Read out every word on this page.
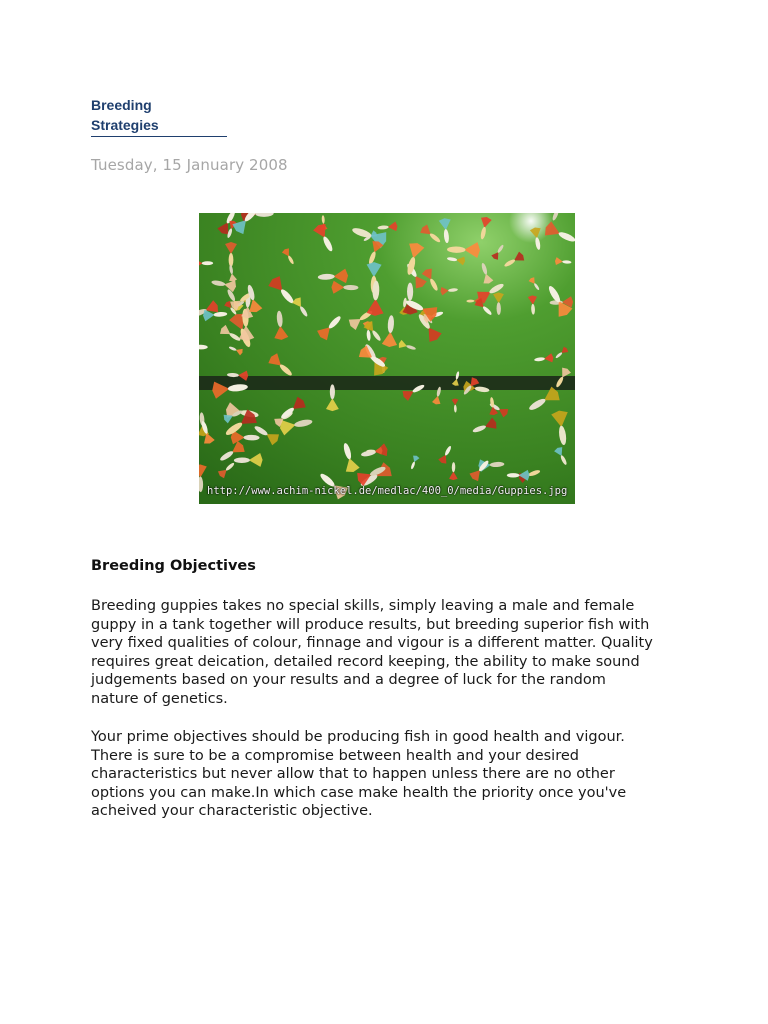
Breeding
Strategies
Tuesday, 15 January 2008
http://www.achim-nickel.de/medlac/400_0/media/Guppies.jpg
Breeding Objectives
Breeding guppies takes no special skills, simply leaving a male and female
guppy in a tank together will produce results, but breeding superior fish with
very fixed qualities of colour, finnage and vigour is a different matter. Quality
requires great deication, detailed record keeping, the ability to make sound
judgements based on your results and a degree of luck for the random
nature of genetics.
Your prime objectives should be producing fish in good health and vigour.
There is sure to be a compromise between health and your desired
characteristics but never allow that to happen unless there are no other
options you can make.In which case make health the priority once you've
acheived your characteristic objective.
